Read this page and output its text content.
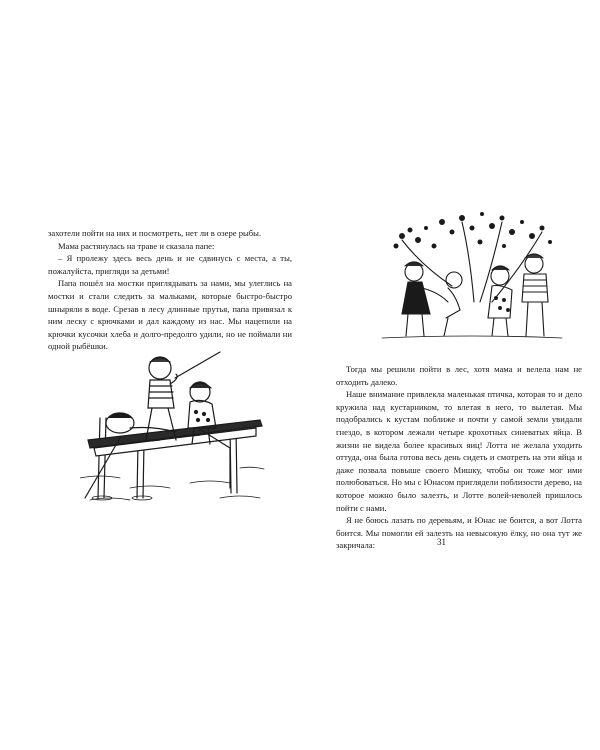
захотели пойти на них и посмотреть, нет ли в озере рыбы.

Мама растянулась на траве и сказала папе:

– Я пролежу здесь весь день и не сдвинусь с места, а ты, пожалуйста, пригляди за детьми!

Папа пошёл на мостки приглядывать за нами, мы улеглись на мостки и стали следить за мальками, которые быстро-быстро шныряли в воде. Срезав в лесу длинные прутья, папа привязал к ним леску с крючками и дал каждому из нас. Мы нацепили на крючки кусочки хлеба и долго-предолго удили, но не поймали ни одной рыбёшки.

Тогда мы решили пойти в лес, хотя мама и велела нам не отходить далеко.

Наше внимание привлекла маленькая птичка, которая то и дело кружила над кустарником, то влетая в него, то вылетая. Мы подобрались к кустам поближе и почти у самой земли увидали гнездо, в котором лежали четыре крохотных синеватых яйца. В жизни не видела более красивых яиц! Лотта не желала уходить оттуда, она была готова весь день сидеть и смотреть на эти яйца и даже позвала повыше своего Мишку, чтобы он тоже мог ими полюбоваться. Но мы с Юнасом приглядели поблизости дерево, на которое можно было залезть, и Лотте волей-неволей пришлось пойти с нами.

Я не боюсь лазать по деревьям, и Юнас не боится, а вот Лотта боится. Мы помогли ей залезть на невысокую ёлку, но она тут же закричала:	31
